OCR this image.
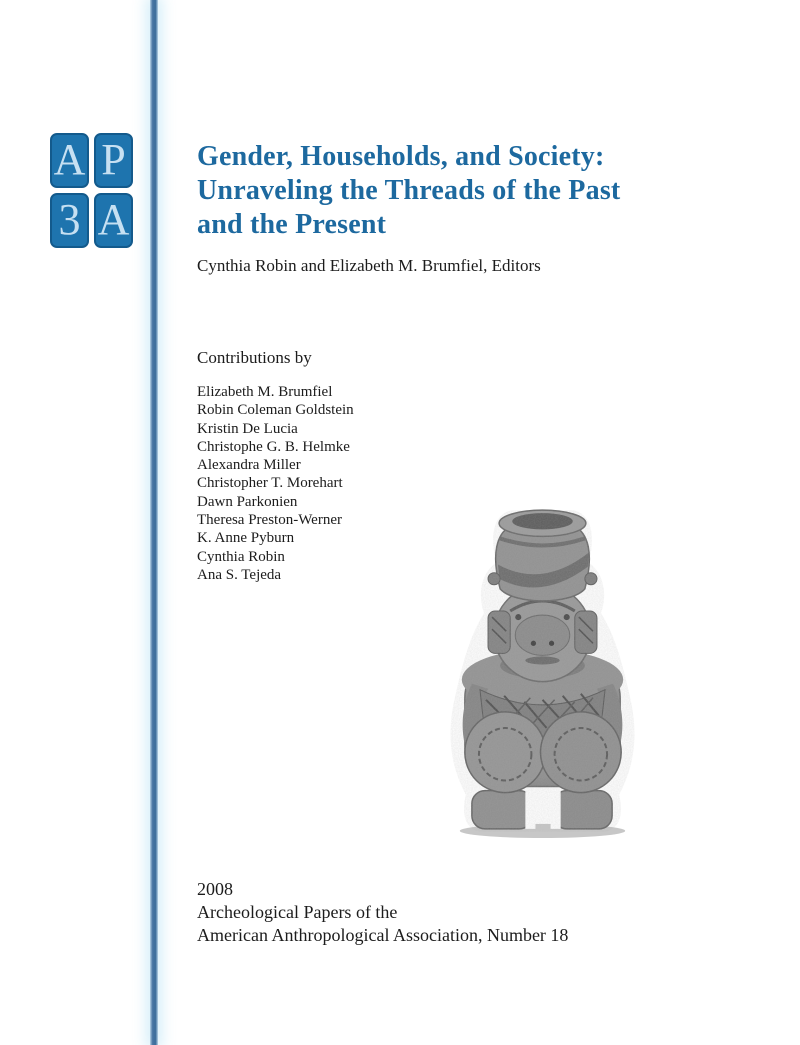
A P
3 A
Gender, Households, and Society:
Unraveling the Threads of the Past
and the Present

Cynthia Robin and Elizabeth M. Brumfiel, Editors

Contributions by

Elizabeth M. Brumfiel
Robin Coleman Goldstein
Kristin De Lucia
Christophe G. B. Helmke
Alexandra Miller
Christopher T. Morehart
Dawn Parkonien
Theresa Preston-Werner
K. Anne Pyburn
Cynthia Robin
Ana S. Tejeda
2008
Archeological Papers of the
American Anthropological Association, Number 18
